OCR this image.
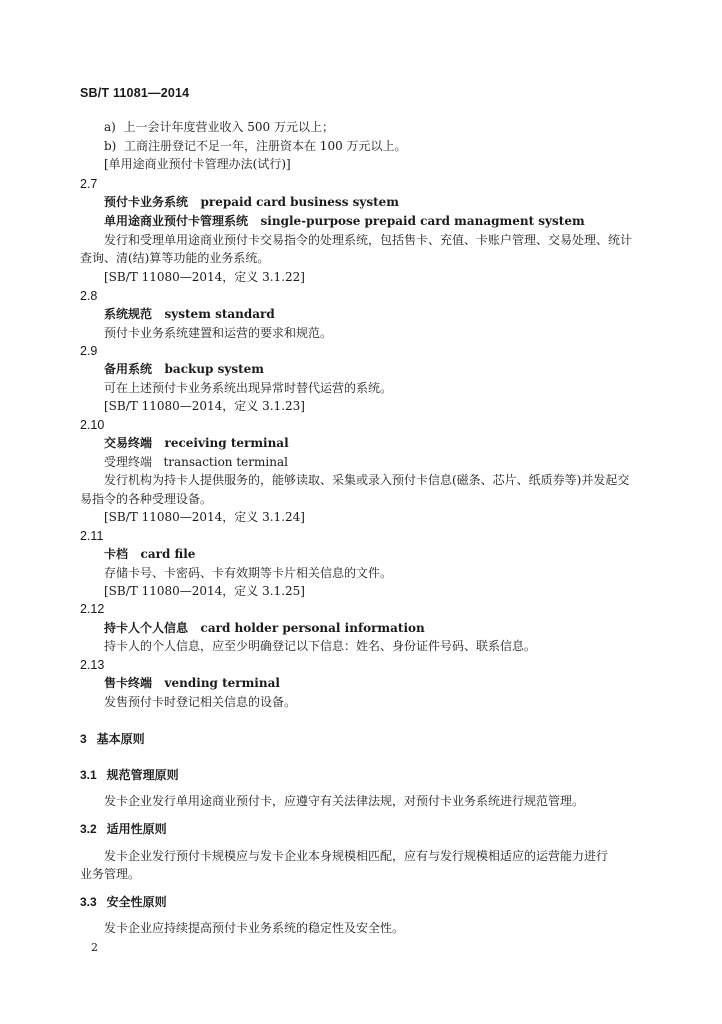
SB/T 11081—2014
a)  上一会计年度营业收入 500 万元以上；
b)  工商注册登记不足一年，注册资本在 100 万元以上。
[单用途商业预付卡管理办法(试行)]
2.7
预付卡业务系统   prepaid card business system
单用途商业预付卡管理系统   single-purpose prepaid card managment system
发行和受理单用途商业预付卡交易指令的处理系统，包括售卡、充值、卡账户管理、交易处理、统计
查询、清(结)算等功能的业务系统。
[SB/T 11080—2014，定义 3.1.22]
2.8
系统规范   system standard
预付卡业务系统建置和运营的要求和规范。
2.9
备用系统   backup system
可在上述预付卡业务系统出现异常时替代运营的系统。
[SB/T 11080—2014，定义 3.1.23]
2.10
交易终端   receiving terminal
受理终端   transaction terminal
发行机构为持卡人提供服务的，能够读取、采集或录入预付卡信息(磁条、芯片、纸质券等)并发起交
易指令的各种受理设备。
[SB/T 11080—2014，定义 3.1.24]
2.11
卡档   card file
存储卡号、卡密码、卡有效期等卡片相关信息的文件。
[SB/T 11080—2014，定义 3.1.25]
2.12
持卡人个人信息   card holder personal information
持卡人的个人信息，应至少明确登记以下信息：姓名、身份证件号码、联系信息。
2.13
售卡终端   vending terminal
发售预付卡时登记相关信息的设备。
3   基本原则
3.1   规范管理原则
发卡企业发行单用途商业预付卡，应遵守有关法律法规，对预付卡业务系统进行规范管理。
3.2   适用性原则
发卡企业发行预付卡规模应与发卡企业本身规模相匹配，应有与发行规模相适应的运营能力进行
业务管理。
3.3   安全性原则
发卡企业应持续提高预付卡业务系统的稳定性及安全性。
2
